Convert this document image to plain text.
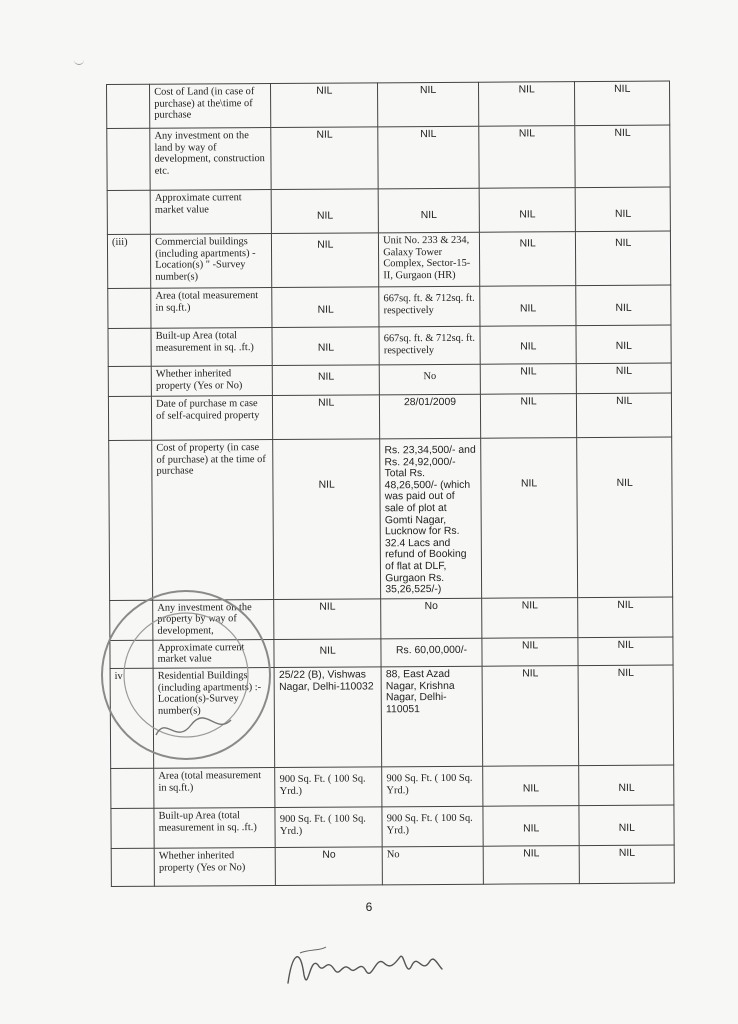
	Cost of Land (in case of purchase) at the\time of purchase	NIL	NIL	NIL	NIL
	Any investment on the land by way of development, construction etc.	NIL	NIL	NIL	NIL
	Approximate current market value	NIL	NIL	NIL	NIL
(iii)	Commercial buildings (including apartments) - Location(s) " -Survey number(s)	NIL	Unit No. 233 & 234, Galaxy Tower Complex, Sector-15-II, Gurgaon (HR)	NIL	NIL
	Area (total measurement in sq.ft.)	NIL	667sq. ft. & 712sq. ft. respectively	NIL	NIL
	Built-up Area (total measurement in sq. .ft.)	NIL	667sq. ft. & 712sq. ft. respectively	NIL	NIL
	Whether inherited property (Yes or No)	NIL	No	NIL	NIL
	Date of purchase m case of self-acquired property	NIL	28/01/2009	NIL	NIL
	Cost of property (in case of purchase) at the time of purchase	NIL	Rs. 23,34,500/- and Rs. 24,92,000/- Total Rs. 48,26,500/- (which was paid out of sale of plot at Gomti Nagar, Lucknow for Rs. 32.4 Lacs and refund of Booking of flat at DLF, Gurgaon Rs. 35,26,525/-)	NIL	NIL
	Any investment on the property by way of development,	NIL	No	NIL	NIL
	Approximate current market value	NIL	Rs. 60,00,000/-	NIL	NIL
iv	Residential Buildings (including apartments) :-Location(s)-Survey number(s)	25/22 (B), Vishwas Nagar, Delhi-110032	88, East Azad Nagar, Krishna Nagar, Delhi-110051	NIL	NIL
	Area (total measurement in sq.ft.)	900 Sq. Ft. ( 100 Sq. Yrd.)	900 Sq. Ft. ( 100 Sq. Yrd.)	NIL	NIL
	Built-up Area (total measurement in sq. .ft.)	900 Sq. Ft. ( 100 Sq. Yrd.)	900 Sq. Ft. ( 100 Sq. Yrd.)	NIL	NIL
	Whether inherited property (Yes or No)	No	No	NIL	NIL
6
